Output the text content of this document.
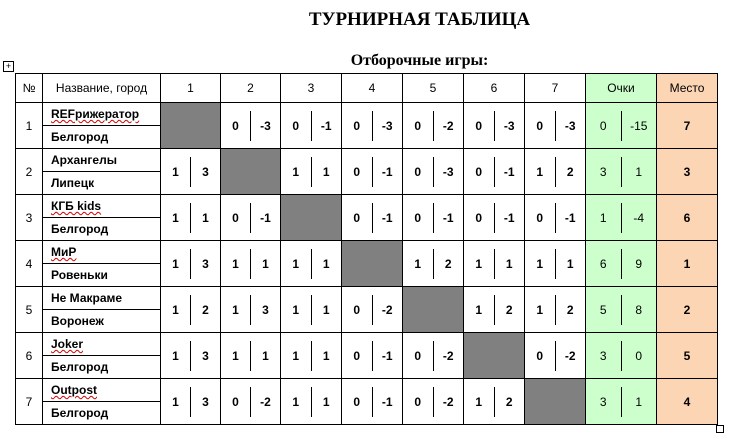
ТУРНИРНАЯ ТАБЛИЦА
Отборочные игры:
+
№	Название, город	1	2	3	4	5	6	7	Очки	Место
1	REFрижератор		0 -3	0 -1	0 -3	0 -2	0 -3	0 -3	0 -15	7
	Белгород									
2	Архангелы	1 3		1 1	0 -1	0 -3	0 -1	1 2	3 1	3
	Липецк									
3	КГБ kids	1 1	0 -1		0 -1	0 -1	0 -1	0 -1	1 -4	6
	Белгород									
4	МиР	1 3	1 1	1 1		1 2	1 1	1 1	6 9	1
	Ровеньки									
5	Не Макраме	1 2	1 3	1 1	0 -2		1 2	1 2	5 8	2
	Воронеж									
6	Joker	1 3	1 1	1 1	0 -1	0 -2		0 -2	3 0	5
	Белгород									
7	Outpost	1 3	0 -2	1 1	0 -1	0 -2	1 2		3 1	4
	Белгород									
